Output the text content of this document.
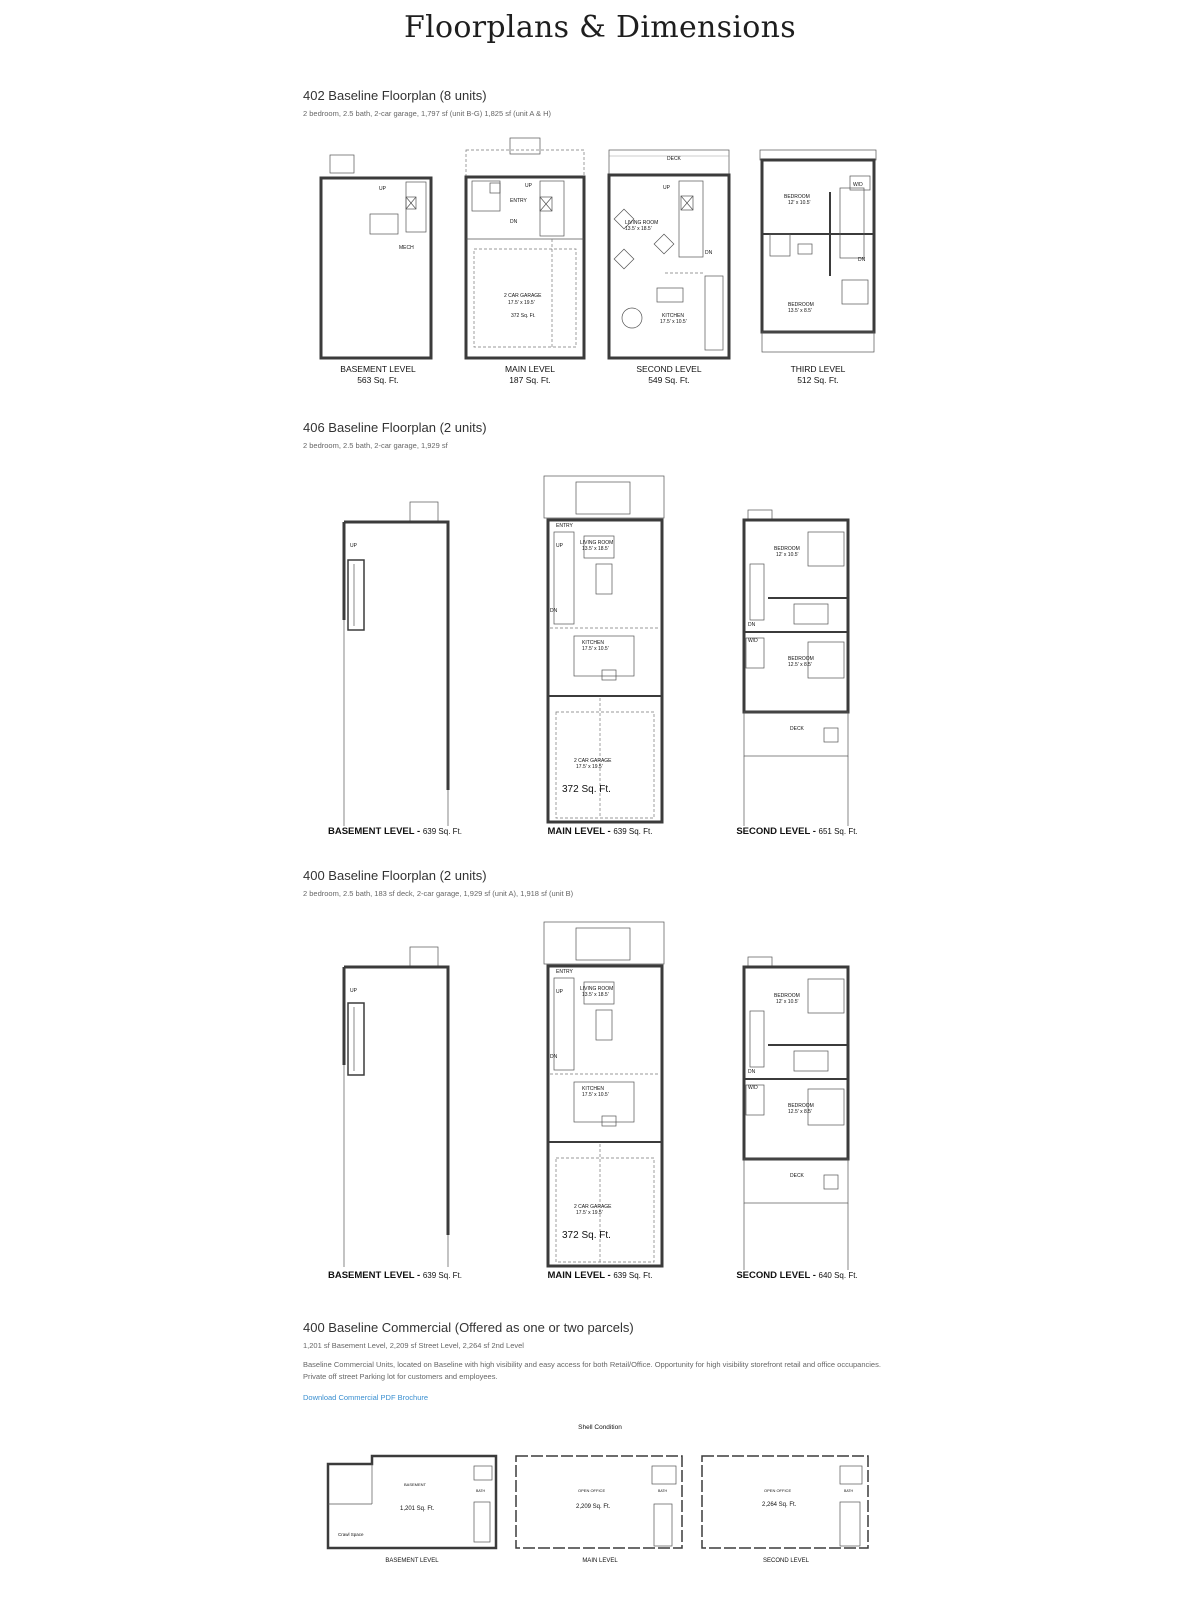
Floorplans & Dimensions
402 Baseline Floorplan (8 units)
2 bedroom, 2.5 bath, 2-car garage, 1,797 sf (unit B-G) 1,825 sf (unit A & H)
UP
MECH
BASEMENT LEVEL
563 Sq. Ft.
UP
ENTRY
DN
2 CAR GARAGE
17.5' x 19.5'
372 Sq. Ft.
MAIN LEVEL
187 Sq. Ft.
DECK
UP
LIVING ROOM
13.5' x 18.5'
DN
KITCHEN
17.5' x 10.5'
SECOND LEVEL
549 Sq. Ft.
BEDROOM
12' x 10.5'
W/D
DN
BEDROOM
13.5' x 8.5'
THIRD LEVEL
512 Sq. Ft.
406 Baseline Floorplan (2 units)
2 bedroom, 2.5 bath, 2-car garage, 1,929 sf
UP
BASEMENT LEVEL - 639 Sq. Ft.
ENTRY
LIVING ROOM
13.5' x 18.5'
UP
DN
KITCHEN
17.5' x 10.5'
2 CAR GARAGE
17.5' x 19.5'
372 Sq. Ft.
MAIN LEVEL - 639 Sq. Ft.
BEDROOM
12' x 10.5'
DN
W/D
BEDROOM
12.5' x 8.5'
DECK
SECOND LEVEL - 651 Sq. Ft.
400 Baseline Floorplan (2 units)
2 bedroom, 2.5 bath, 183 sf deck, 2-car garage, 1,929 sf (unit A), 1,918 sf (unit B)
UP
BASEMENT LEVEL - 639 Sq. Ft.
ENTRY
LIVING ROOM
13.5' x 18.5'
UP
DN
KITCHEN
17.5' x 10.5'
2 CAR GARAGE
17.5' x 19.5'
372 Sq. Ft.
MAIN LEVEL - 639 Sq. Ft.
BEDROOM
12' x 10.5'
DN
W/D
BEDROOM
12.5' x 8.5'
DECK
SECOND LEVEL - 640 Sq. Ft.
400 Baseline Commercial (Offered as one or two parcels)
1,201 sf Basement Level, 2,209 sf Street Level, 2,264 sf 2nd Level
Baseline Commercial Units, located on Baseline with high visibility and easy access for both Retail/Office. Opportunity for high visibility storefront retail and office occupancies. Private off street Parking lot for customers and employees.
Download Commercial PDF Brochure
Shell Condition
BASEMENT
1,201 Sq. Ft.
Crawl Space
BATH
BASEMENT LEVEL
OPEN OFFICE
2,209 Sq. Ft.
BATH
MAIN LEVEL
OPEN OFFICE
2,264 Sq. Ft.
BATH
SECOND LEVEL
